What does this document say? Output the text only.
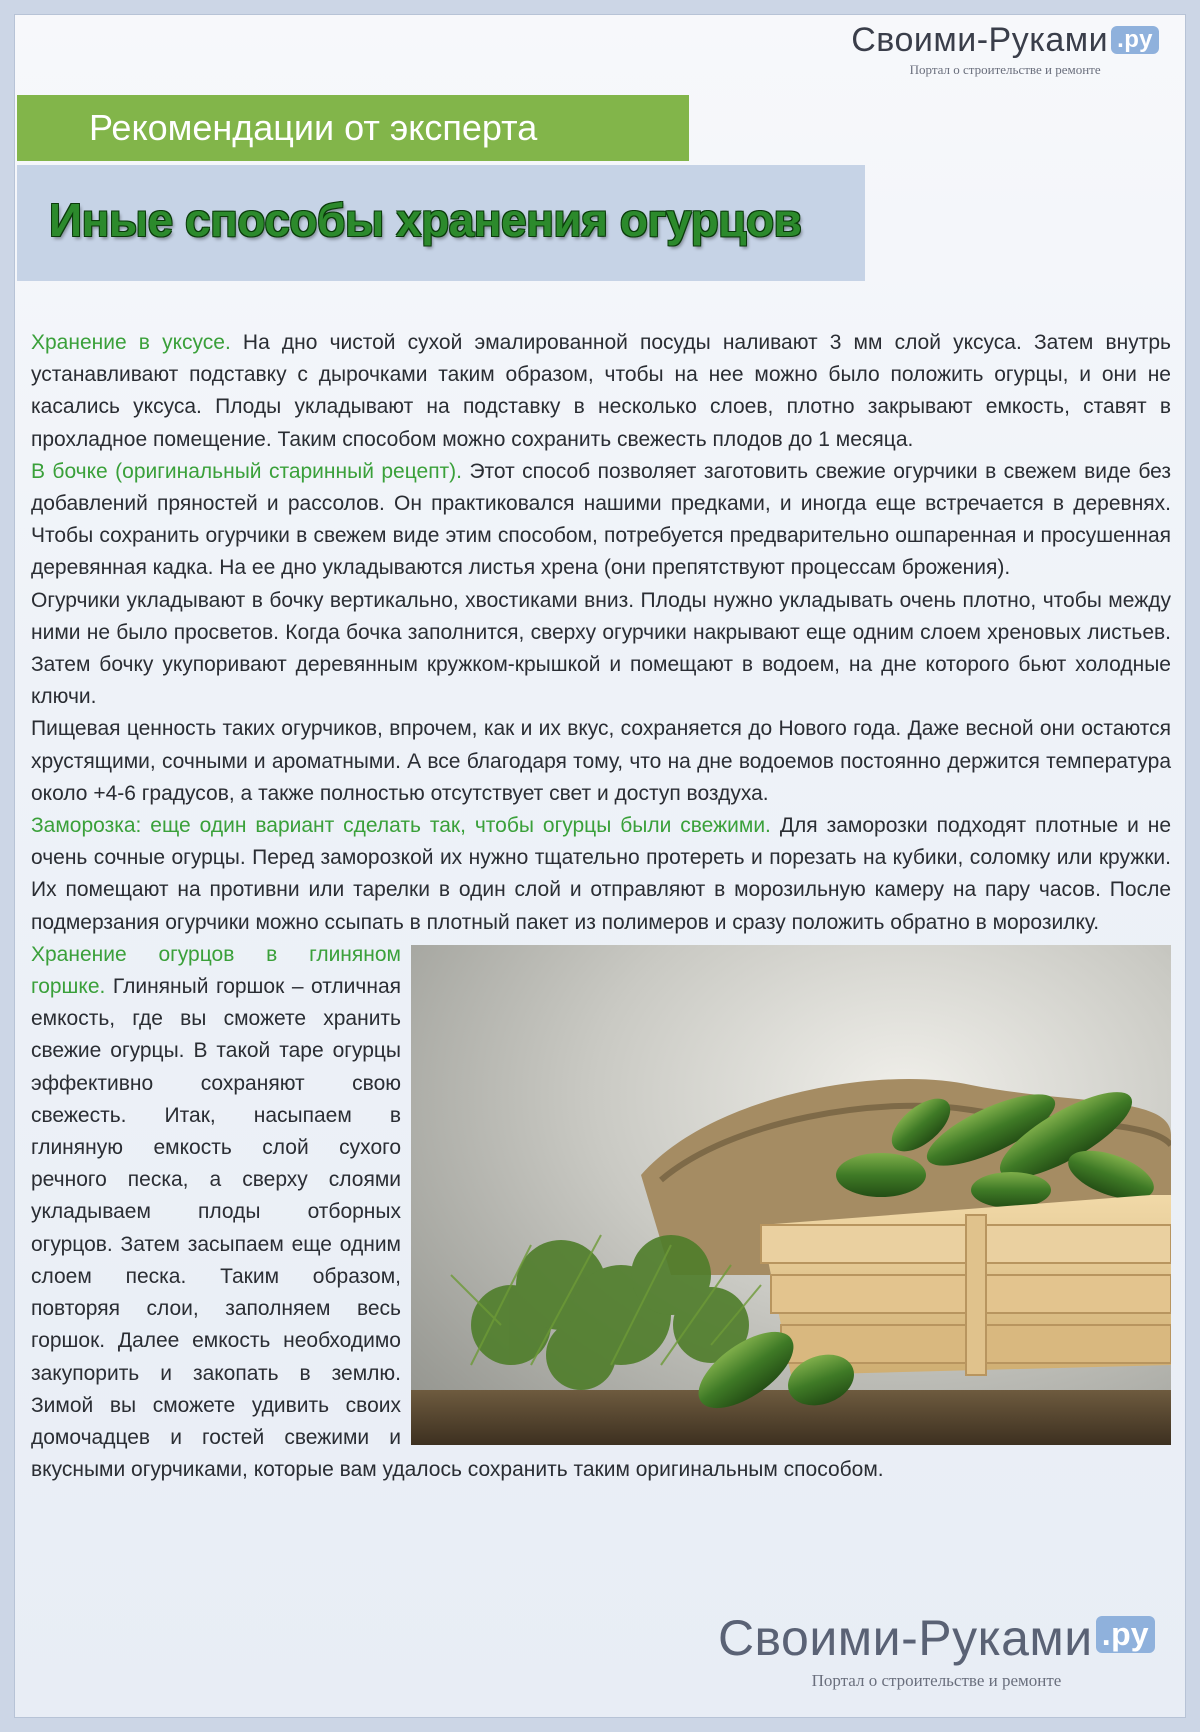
Своими-Руками .ру
Портал о строительстве и ремонте
Рекомендации от эксперта
Иные способы хранения огурцов

Хранение в уксусе. На дно чистой сухой эмалированной посуды наливают 3 мм слой уксуса. Затем внутрь устанавливают подставку с дырочками таким образом, чтобы на нее можно было положить огурцы, и они не касались уксуса. Плоды укладывают на подставку в несколько слоев, плотно закрывают емкость, ставят в прохладное помещение. Таким способом можно сохранить свежесть плодов до 1 месяца.

В бочке (оригинальный старинный рецепт). Этот способ позволяет заготовить свежие огурчики в свежем виде без добавлений пряностей и рассолов. Он практиковался нашими предками, и иногда еще встречается в деревнях. Чтобы сохранить огурчики в свежем виде этим способом, потребуется предварительно ошпаренная и просушенная деревянная кадка. На ее дно укладываются листья хрена (они препятствуют процессам брожения).

Огурчики укладывают в бочку вертикально, хвостиками вниз. Плоды нужно укладывать очень плотно, чтобы между ними не было просветов. Когда бочка заполнится, сверху огурчики накрывают еще одним слоем хреновых листьев. Затем бочку укупоривают деревянным кружком-крышкой и помещают в водоем, на дне которого бьют холодные ключи.

Пищевая ценность таких огурчиков, впрочем, как и их вкус, сохраняется до Нового года. Даже весной они остаются хрустящими, сочными и ароматными. А все благодаря тому, что на дне водоемов постоянно держится температура около +4-6 градусов, а также полностью отсутствует свет и доступ воздуха.

Заморозка: еще один вариант сделать так, чтобы огурцы были свежими. Для заморозки подходят плотные и не очень сочные огурцы. Перед заморозкой их нужно тщательно протереть и порезать на кубики, соломку или кружки. Их помещают на противни или тарелки в один слой и отправляют в морозильную камеру на пару часов. После подмерзания огурчики можно ссыпать в плотный пакет из полимеров и сразу положить обратно в морозилку.

Хранение огурцов в глиняном горшке. Глиняный горшок – отличная емкость, где вы сможете хранить свежие огурцы. В такой таре огурцы эффективно сохраняют свою свежесть. Итак, насыпаем в глиняную емкость слой сухого речного песка, а сверху слоями укладываем плоды отборных огурцов. Затем засыпаем еще одним слоем песка. Таким образом, повторяя слои, заполняем весь горшок. Далее емкость необходимо закупорить и закопать в землю. Зимой вы сможете удивить своих домочадцев и гостей свежими и вкусными огурчиками, которые вам удалось сохранить таким оригинальным способом.

Своими-Руками .ру
Портал о строительстве и ремонте
